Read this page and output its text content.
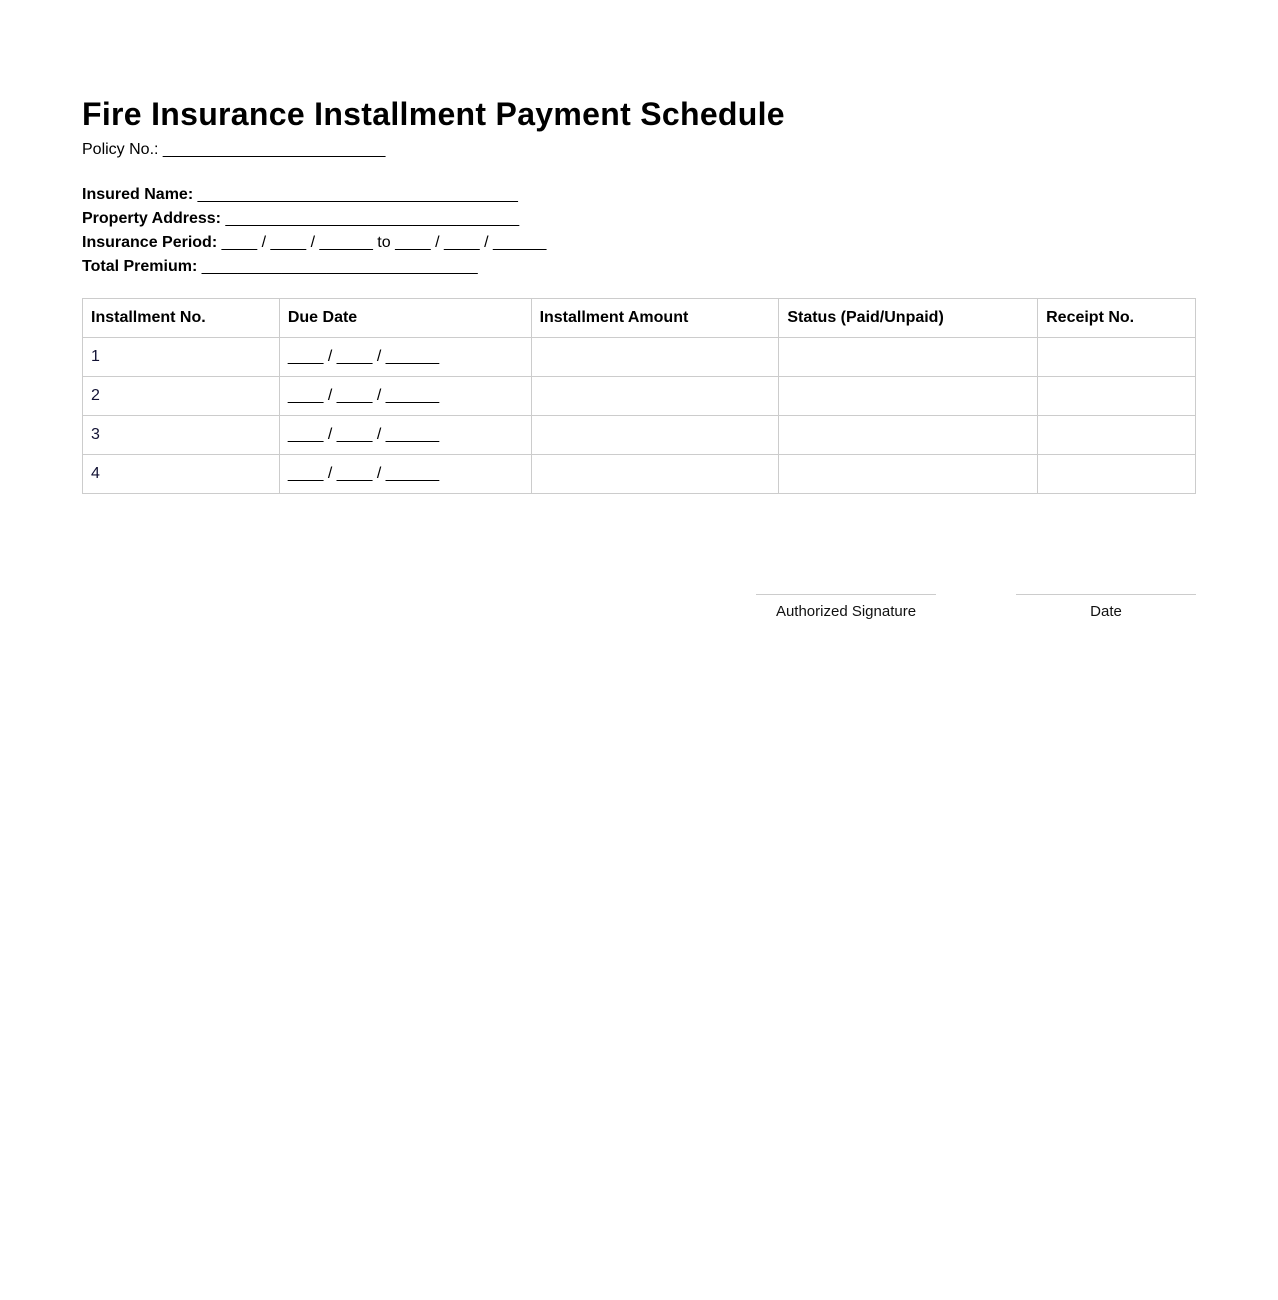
Fire Insurance Installment Payment Schedule
Policy No.: _________________________
Insured Name: ____________________________________
Property Address: _________________________________
Insurance Period: ____ / ____ / ______ to ____ / ____ / ______
Total Premium: _______________________________
Installment No.	Due Date	Installment Amount	Status (Paid/Unpaid)	Receipt No.
1	____ / ____ / ______			
2	____ / ____ / ______			
3	____ / ____ / ______			
4	____ / ____ / ______			
Authorized Signature	Date
